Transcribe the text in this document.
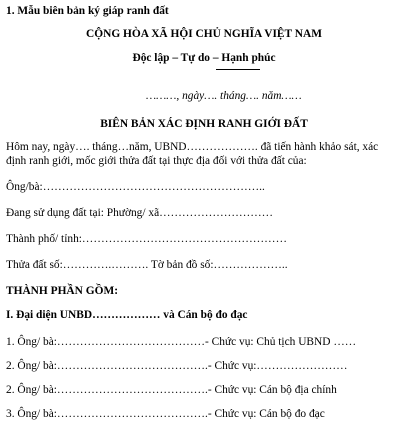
1. Mẫu biên bản ký giáp ranh đất
CỘNG HÒA XÃ HỘI CHỦ NGHĨA VIỆT NAM
Độc lập – Tự do – Hạnh phúc
………, ngày…. tháng…. năm……
BIÊN BẢN XÁC ĐỊNH RANH GIỚI ĐẤT
Hôm nay, ngày…. tháng…năm, UBND………………. đã tiến hành khảo sát, xác
định ranh giới, mốc giới thửa đất tại thực địa đối với thửa đất của:
Ông/bà:…………………………………………………..
Đang sử dụng đất tại: Phường/ xã…………………………
Thành phố/ tỉnh:………………………………………………
Thửa đất số:………….………. Tờ bản đồ số:………………..
THÀNH PHẦN GỒM:
I. Đại diện UNBD……………… và Cán bộ đo đạc
1. Ông/ bà:…………………………………- Chức vụ: Chủ tịch UBND ……
2. Ông/ bà:………………………………….- Chức vụ:……………………
2. Ông/ bà:………………………………….- Chức vụ: Cán bộ địa chính
3. Ông/ bà:………………………………….- Chức vụ: Cán bộ đo đạc
